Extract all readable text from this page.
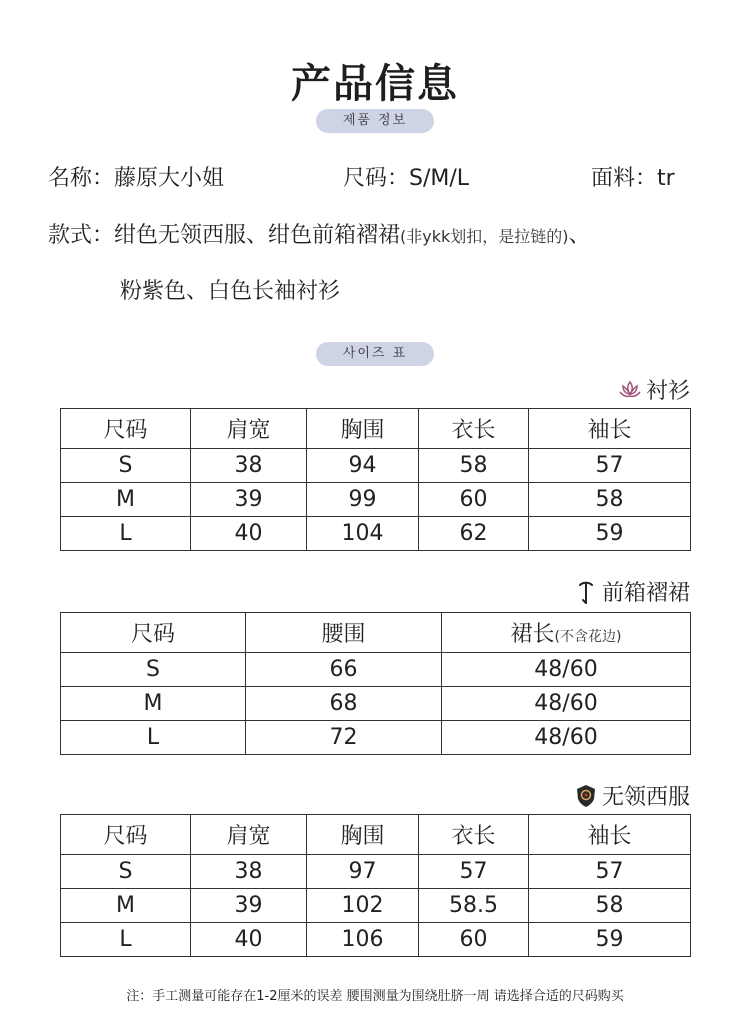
产品信息
제품 정보
名称：藤原大小姐	尺码：S/M/L	面料：tr
款式：绀色无领西服、绀色前箱褶裙(非ykk划扣，是拉链的)、
粉紫色、白色长袖衬衫
사이즈 표
衬衫
尺码	肩宽	胸围	衣长	袖长
S	38	94	58	57
M	39	99	60	58
L	40	104	62	59
前箱褶裙
尺码	腰围	裙长(不含花边)
S	66	48/60
M	68	48/60
L	72	48/60
无领西服
尺码	肩宽	胸围	衣长	袖长
S	38	97	57	57
M	39	102	58.5	58
L	40	106	60	59
注：手工测量可能存在1-2厘米的误差 腰围测量为围绕肚脐一周 请选择合适的尺码购买
